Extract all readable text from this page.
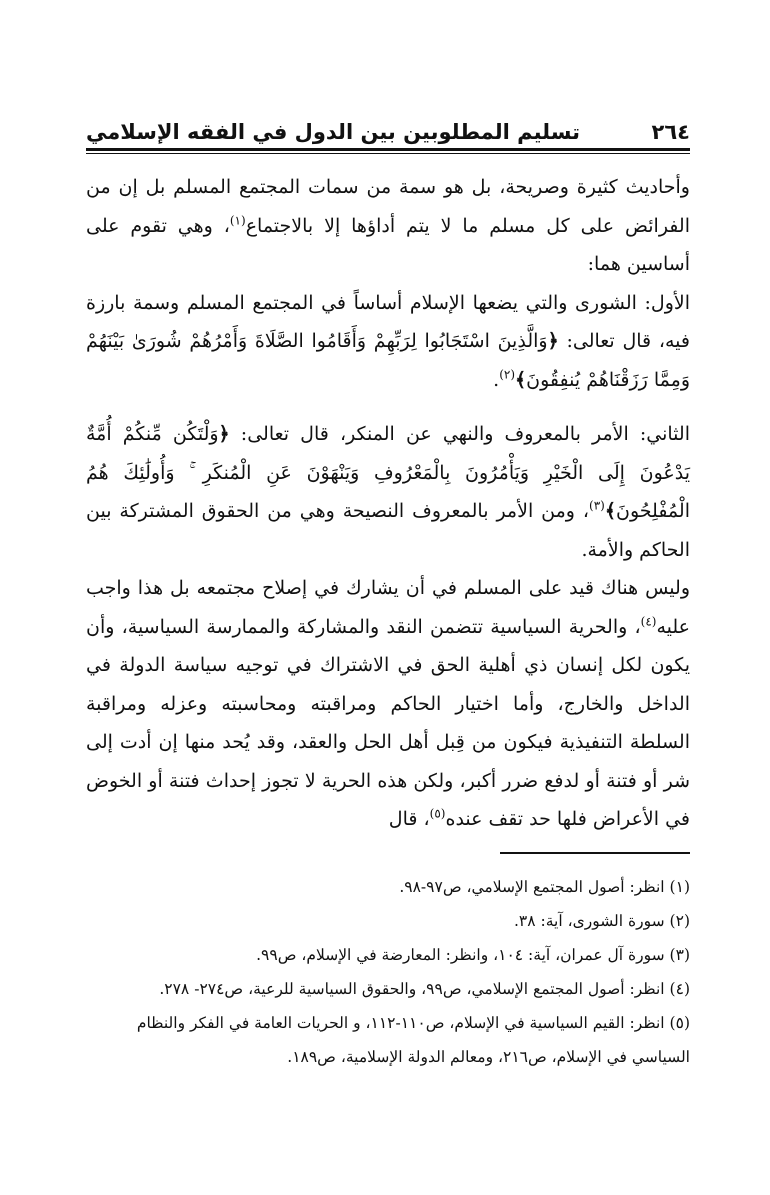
٢٦٤
تسليم المطلوبين بين الدول في الفقه الإسلامي

وأحاديث كثيرة وصريحة، بل هو سمة من سمات المجتمع المسلم بل إن من الفرائض على كل مسلم ما لا يتم أداؤها إلا بالاجتماع$^{(١)}$، وهي تقوم على أساسين هما:

الأول: الشورى والتي يضعها الإسلام أساساً في المجتمع المسلم وسمة بارزة فيه، قال تعالى: ﴿وَالَّذِينَ اسْتَجَابُوا لِرَبِّهِمْ وَأَقَامُوا الصَّلَاةَ وَأَمْرُهُمْ شُورَىٰ بَيْنَهُمْ وَمِمَّا رَزَقْنَاهُمْ يُنفِقُونَ﴾$^{(٢)}$.

الثاني: الأمر بالمعروف والنهي عن المنكر، قال تعالى: ﴿وَلْتَكُن مِّنكُمْ أُمَّةٌ يَدْعُونَ إِلَى الْخَيْرِ وَيَأْمُرُونَ بِالْمَعْرُوفِ وَيَنْهَوْنَ عَنِ الْمُنكَرِ ۚ وَأُولَٰئِكَ هُمُ الْمُفْلِحُونَ﴾$^{(٣)}$، ومن الأمر بالمعروف النصيحة وهي من الحقوق المشتركة بين الحاكم والأمة.

وليس هناك قيد على المسلم في أن يشارك في إصلاح مجتمعه بل هذا واجب عليه$^{(٤)}$، والحرية السياسية تتضمن النقد والمشاركة والممارسة السياسية، وأن يكون لكل إنسان ذي أهلية الحق في الاشتراك في توجيه سياسة الدولة في الداخل والخارج، وأما اختيار الحاكم ومراقبته ومحاسبته وعزله ومراقبة السلطة التنفيذية فيكون من قِبل أهل الحل والعقد، وقد يُحد منها إن أدت إلى شر أو فتنة أو لدفع ضرر أكبر، ولكن هذه الحرية لا تجوز إحداث فتنة أو الخوض في الأعراض فلها حد تقف عنده$^{(٥)}$، قال

(١) انظر: أصول المجتمع الإسلامي، ص٩٧-٩٨.

(٢) سورة الشورى، آية: ٣٨.

(٣) سورة آل عمران، آية: ١٠٤، وانظر: المعارضة في الإسلام، ص٩٩.

(٤) انظر: أصول المجتمع الإسلامي، ص٩٩، والحقوق السياسية للرعية، ص٢٧٤- ٢٧٨.

(٥) انظر: القيم السياسية في الإسلام، ص١١٠-١١٢، و الحريات العامة في الفكر والنظام السياسي في الإسلام، ص٢١٦، ومعالم الدولة الإسلامية، ص١٨٩.
